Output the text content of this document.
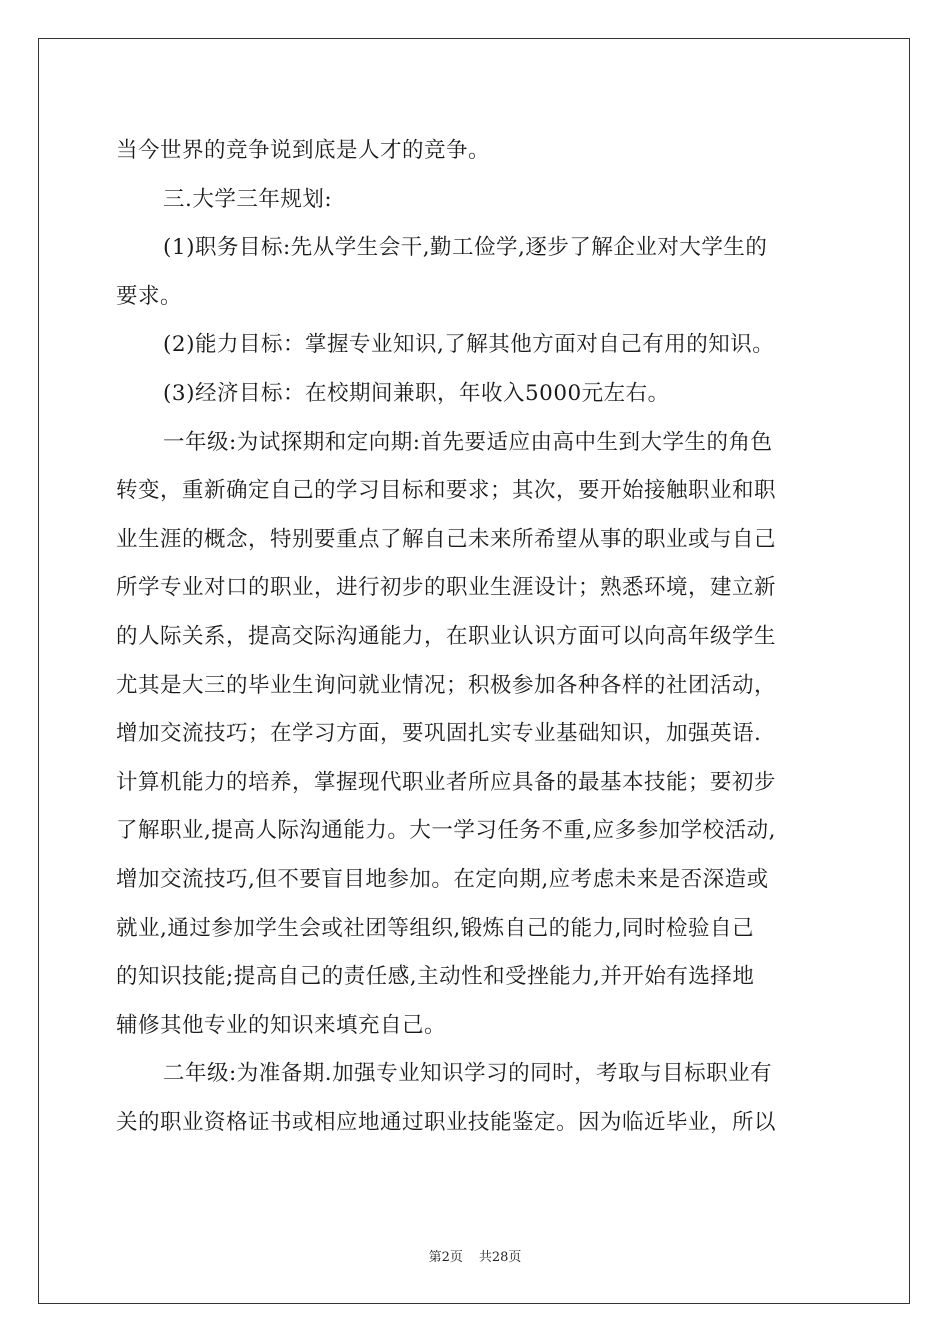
当今世界的竞争说到底是人才的竞争。
三.大学三年规划:
(1)职务目标:先从学生会干,勤工俭学,逐步了解企业对大学生的
要求。
(2)能力目标：掌握专业知识,了解其他方面对自己有用的知识。
(3)经济目标：在校期间兼职，年收入5000元左右。
一年级:为试探期和定向期:首先要适应由高中生到大学生的角色
转变，重新确定自己的学习目标和要求；其次，要开始接触职业和职
业生涯的概念，特别要重点了解自己未来所希望从事的职业或与自己
所学专业对口的职业，进行初步的职业生涯设计；熟悉环境，建立新
的人际关系，提高交际沟通能力，在职业认识方面可以向高年级学生
尤其是大三的毕业生询问就业情况；积极参加各种各样的社团活动，
增加交流技巧；在学习方面，要巩固扎实专业基础知识，加强英语.
计算机能力的培养，掌握现代职业者所应具备的最基本技能；要初步
了解职业,提高人际沟通能力。大一学习任务不重,应多参加学校活动,
增加交流技巧,但不要盲目地参加。在定向期,应考虑未来是否深造或
就业,通过参加学生会或社团等组织,锻炼自己的能力,同时检验自己
的知识技能;提高自己的责任感,主动性和受挫能力,并开始有选择地
辅修其他专业的知识来填充自己。
二年级:为准备期.加强专业知识学习的同时，考取与目标职业有
关的职业资格证书或相应地通过职业技能鉴定。因为临近毕业，所以
第2页 共28页
